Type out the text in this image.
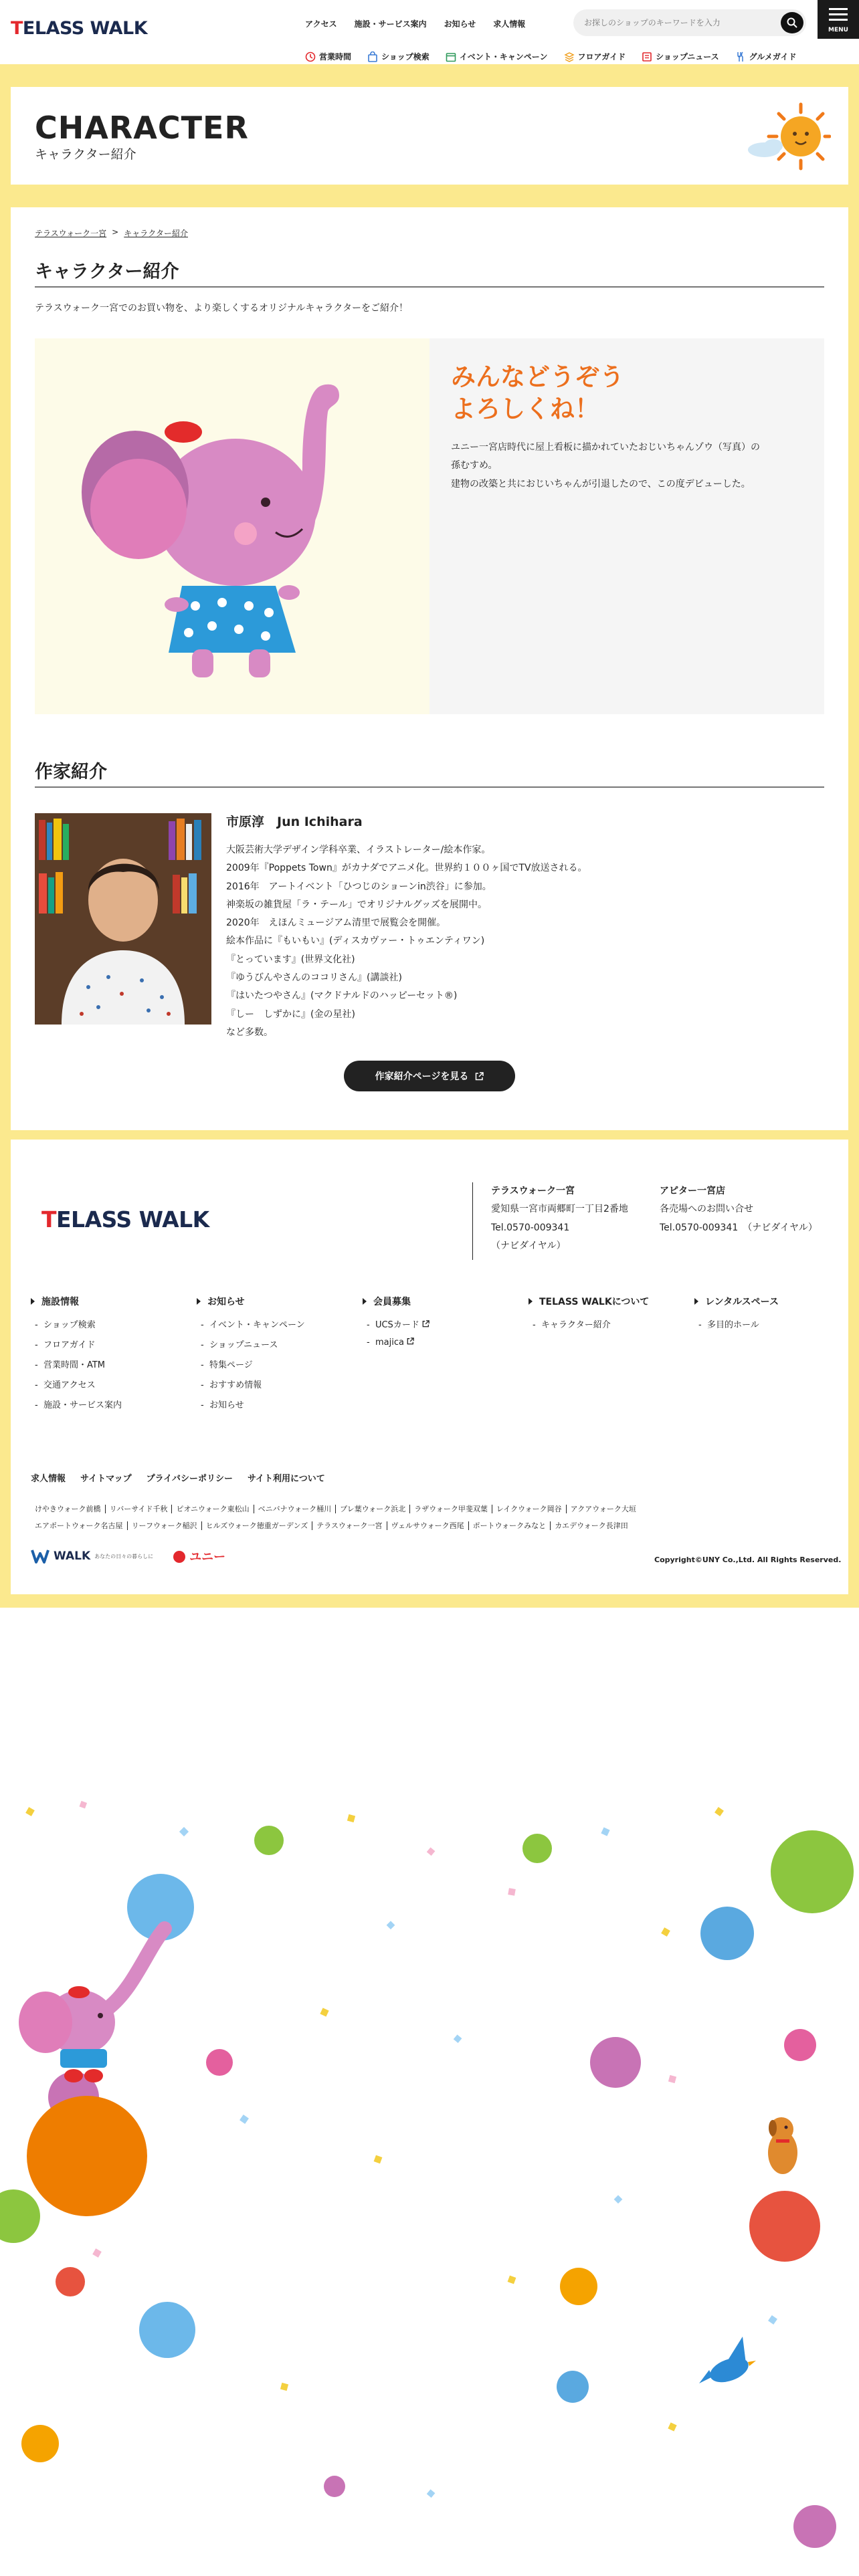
TELASS WALK	アクセス 施設・サービス案内 お知らせ 求人情報
お探しのショップのキーワードを入力
MENU
営業時間	ショップ検索	イベント・キャンペーン	フロアガイド	ショップニュース	グルメガイド
CHARACTER
キャラクター紹介
テラスウォーク一宮 > キャラクター紹介
キャラクター紹介
テラスウォーク一宮でのお買い物を、より楽しくするオリジナルキャラクターをご紹介！
みんなどうぞう
よろしくね！
ユニー一宮店時代に屋上看板に描かれていたおじいちゃんゾウ（写真）の
孫むすめ。
建物の改築と共におじいちゃんが引退したので、この度デビューした。
作家紹介
市原淳　Jun Ichihara
大阪芸術大学デザイン学科卒業、イラストレーター/絵本作家。
2009年『Poppets Town』がカナダでアニメ化。世界約１００ヶ国でTV放送される。
2016年　アートイベント「ひつじのショーンin渋谷」に参加。
神楽坂の雑貨屋「ラ・テール」でオリジナルグッズを展開中。
2020年　えほんミュージアム清里で展覧会を開催。
絵本作品に『もいもい』(ディスカヴァー・トゥエンティワン)
『とっています』(世界文化社)
『ゆうびんやさんのココリさん』(講談社)
『はいたつやさん』(マクドナルドのハッピーセット®)
『しー　しずかに』(金の星社)
など多数。
作家紹介ページを見る
TELASS WALK
テラスウォーク一宮
愛知県一宮市両郷町一丁目2番地
Tel.0570-009341
（ナビダイヤル）
アピター一宮店
各売場へのお問い合せ
Tel.0570-009341　（ナビダイヤル）
施設情報
-  ショップ検索
-  フロアガイド
-  営業時間・ATM
-  交通アクセス
-  施設・サービス案内
お知らせ
-  イベント・キャンペーン
-  ショップニュース
-  特集ページ
-  おすすめ情報
-  お知らせ
会員募集
-  UCSカード
-  majica
TELASS WALKについて
-  キャラクター紹介
レンタルスペース
-  多目的ホール
求人情報 サイトマップ プライバシーポリシー サイト利用について
けやきウォーク前橋 リバーサイド千秋 ピオニウォーク東松山 ベニバナウォーク桶川 プレ葉ウォーク浜北 ラザウォーク甲斐双葉 レイクウォーク岡谷 アクアウォーク大垣
エアポートウォーク名古屋 リーフウォーク稲沢 ヒルズウォーク徳重ガーデンズ テラスウォーク一宮 ヴェルサウォーク西尾 ポートウォークみなと カエデウォーク長津田
WALK あなたの日々の暮らしに	ユニー	Copyright©UNY Co.,Ltd. All Rights Reserved.
